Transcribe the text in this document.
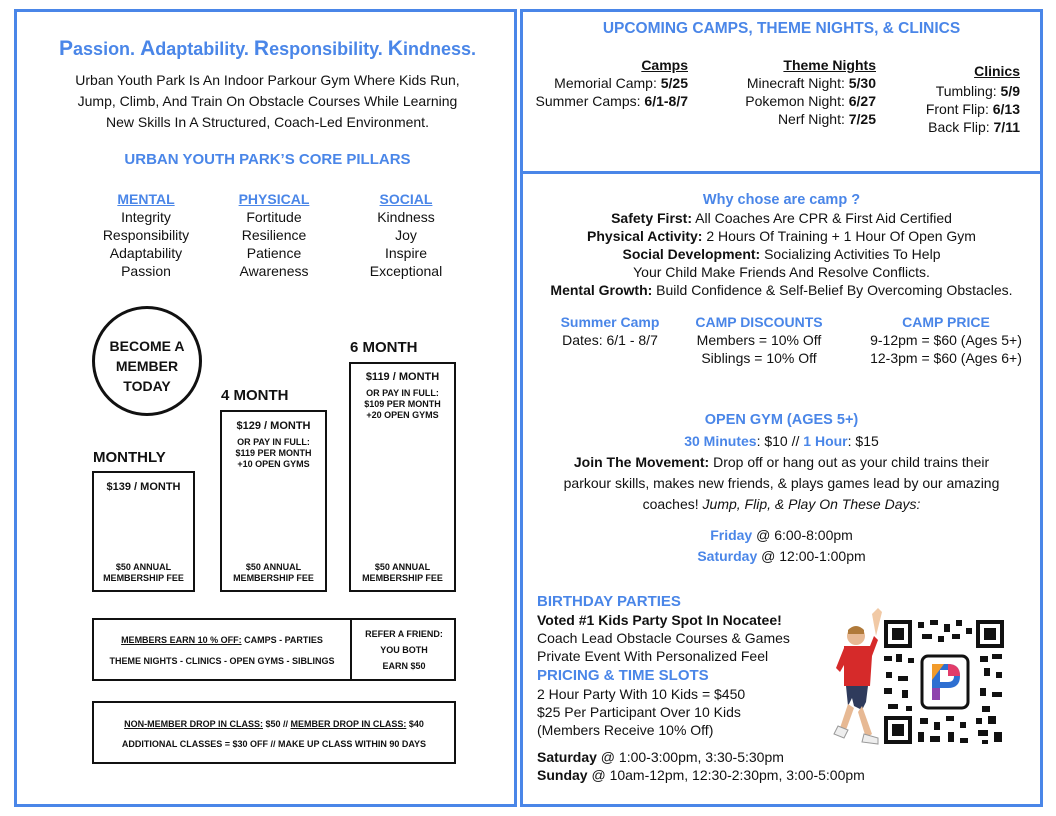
Passion. Adaptability. Responsibility. Kindness.
Urban Youth Park Is An Indoor Parkour Gym Where Kids Run,
Jump, Climb, And Train On Obstacle Courses While Learning
New Skills In A Structured, Coach-Led Environment.
URBAN YOUTH PARK’S CORE PILLARS
MENTAL
Integrity
Responsibility
Adaptability
Passion
PHYSICAL
Fortitude
Resilience
Patience
Awareness
SOCIAL
Kindness
Joy
Inspire
Exceptional
BECOME A
MEMBER
TODAY
6 MONTH
4 MONTH
MONTHLY
$119 / MONTH
OR PAY IN FULL:
$109 PER MONTH
+20 OPEN GYMS
$50 ANNUAL
MEMBERSHIP FEE
$129 / MONTH
OR PAY IN FULL:
$119 PER MONTH
+10 OPEN GYMS
$50 ANNUAL
MEMBERSHIP FEE
$139 / MONTH
$50 ANNUAL
MEMBERSHIP FEE
MEMBERS EARN 10 % OFF: CAMPS - PARTIES
THEME NIGHTS - CLINICS - OPEN GYMS - SIBLINGS
REFER A FRIEND:
YOU BOTH
EARN $50
NON-MEMBER DROP IN CLASS: $50 // MEMBER DROP IN CLASS: $40
ADDITIONAL CLASSES = $30 OFF // MAKE UP CLASS WITHIN 90 DAYS
UPCOMING CAMPS, THEME NIGHTS, & CLINICS
Camps
Memorial Camp: 5/25
Summer Camps: 6/1-8/7
Theme Nights
Minecraft Night: 5/30
Pokemon Night: 6/27
Nerf Night: 7/25
Clinics
Tumbling: 5/9
Front Flip: 6/13
Back Flip: 7/11
Why chose are camp ?
Safety First: All Coaches Are CPR & First Aid Certified
Physical Activity: 2 Hours Of Training + 1 Hour Of Open Gym
Social Development: Socializing Activities To Help
Your Child Make Friends And Resolve Conflicts.
Mental Growth: Build Confidence & Self-Belief By Overcoming Obstacles.
Summer Camp
Dates: 6/1 - 8/7
CAMP DISCOUNTS
Members = 10% Off
Siblings = 10% Off
CAMP PRICE
9-12pm = $60 (Ages 5+)
12-3pm = $60 (Ages 6+)
OPEN GYM (AGES 5+)
30 Minutes: $10 // 1 Hour: $15
Join The Movement: Drop off or hang out as your child trains their
parkour skills, makes new friends, & plays games lead by our amazing
coaches! Jump, Flip, & Play On These Days:
Friday @ 6:00-8:00pm
Saturday @ 12:00-1:00pm
BIRTHDAY PARTIES
Voted #1 Kids Party Spot In Nocatee!
Coach Lead Obstacle Courses & Games
Private Event With Personalized Feel
PRICING & TIME SLOTS
2 Hour Party With 10 Kids = $450
$25 Per Participant Over 10 Kids
(Members Receive 10% Off)
Saturday @ 1:00-3:00pm, 3:30-5:30pm
Sunday @ 10am-12pm, 12:30-2:30pm, 3:00-5:00pm
